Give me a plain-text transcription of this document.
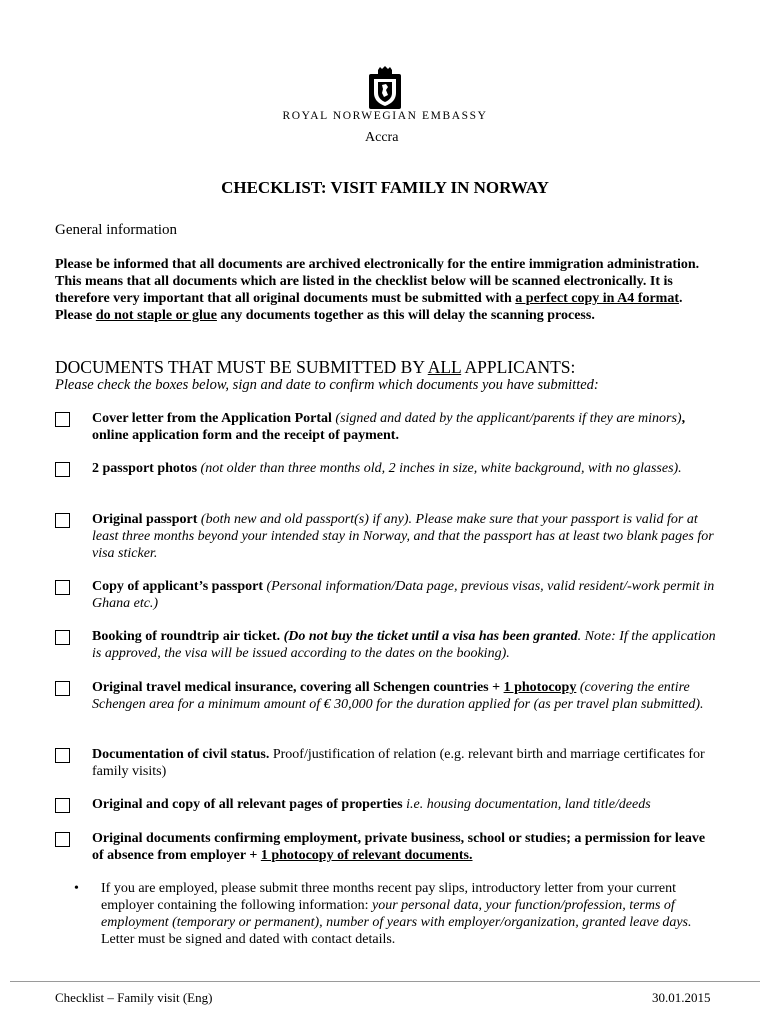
ROYAL NORWEGIAN EMBASSY
Accra
CHECKLIST: VISIT FAMILY IN NORWAY
General information
Please be informed that all documents are archived electronically for the entire immigration administration. This means that all documents which are listed in the checklist below will be scanned electronically. It is therefore very important that all original documents must be submitted with a perfect copy in A4 format. Please do not staple or glue any documents together as this will delay the scanning process.
DOCUMENTS THAT MUST BE SUBMITTED BY ALL APPLICANTS:
Please check the boxes below, sign and date to confirm which documents you have submitted:
Cover letter from the Application Portal (signed and dated by the applicant/parents if they are minors), online application form and the receipt of payment.
2 passport photos (not older than three months old, 2 inches in size, white background, with no glasses).
Original passport (both new and old passport(s) if any). Please make sure that your passport is valid for at least three months beyond your intended stay in Norway, and that the passport has at least two blank pages for visa sticker.
Copy of applicant’s passport (Personal information/Data page, previous visas, valid resident/-work permit in Ghana etc.)
Booking of roundtrip air ticket. (Do not buy the ticket until a visa has been granted. Note: If the application is approved, the visa will be issued according to the dates on the booking).
Original travel medical insurance, covering all Schengen countries + 1 photocopy (covering the entire Schengen area for a minimum amount of € 30,000 for the duration applied for (as per travel plan submitted).
Documentation of civil status. Proof/justification of relation (e.g. relevant birth and marriage certificates for family visits)
Original and copy of all relevant pages of properties i.e. housing documentation, land title/deeds
Original documents confirming employment, private business, school or studies; a permission for leave of absence from employer + 1 photocopy of relevant documents.
• If you are employed, please submit three months recent pay slips, introductory letter from your current employer containing the following information: your personal data, your function/profession, terms of employment (temporary or permanent), number of years with employer/organization, granted leave days. Letter must be signed and dated with contact details.
Checklist – Family visit (Eng)	30.01.2015
